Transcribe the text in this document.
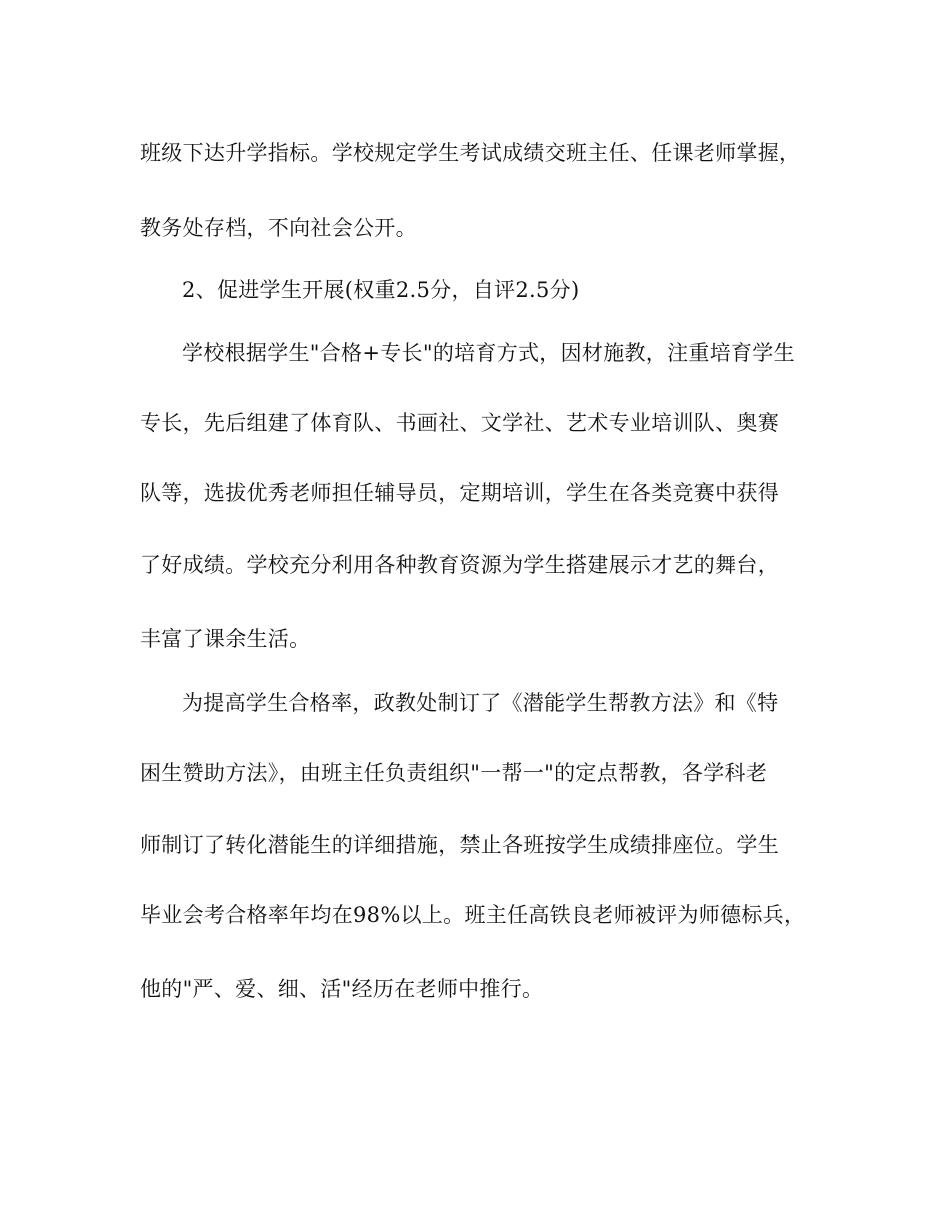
班级下达升学指标。学校规定学生考试成绩交班主任、任课老师掌握，
教务处存档，不向社会公开。
2、促进学生开展(权重2.5分，自评2.5分)
学校根据学生"合格+专长"的培育方式，因材施教，注重培育学生
专长，先后组建了体育队、书画社、文学社、艺术专业培训队、奥赛
队等，选拔优秀老师担任辅导员，定期培训，学生在各类竞赛中获得
了好成绩。学校充分利用各种教育资源为学生搭建展示才艺的舞台，
丰富了课余生活。
为提高学生合格率，政教处制订了《潜能学生帮教方法》和《特
困生赞助方法》，由班主任负责组织"一帮一"的定点帮教，各学科老
师制订了转化潜能生的详细措施，禁止各班按学生成绩排座位。学生
毕业会考合格率年均在98%以上。班主任高铁良老师被评为师德标兵，
他的"严、爱、细、活"经历在老师中推行。
